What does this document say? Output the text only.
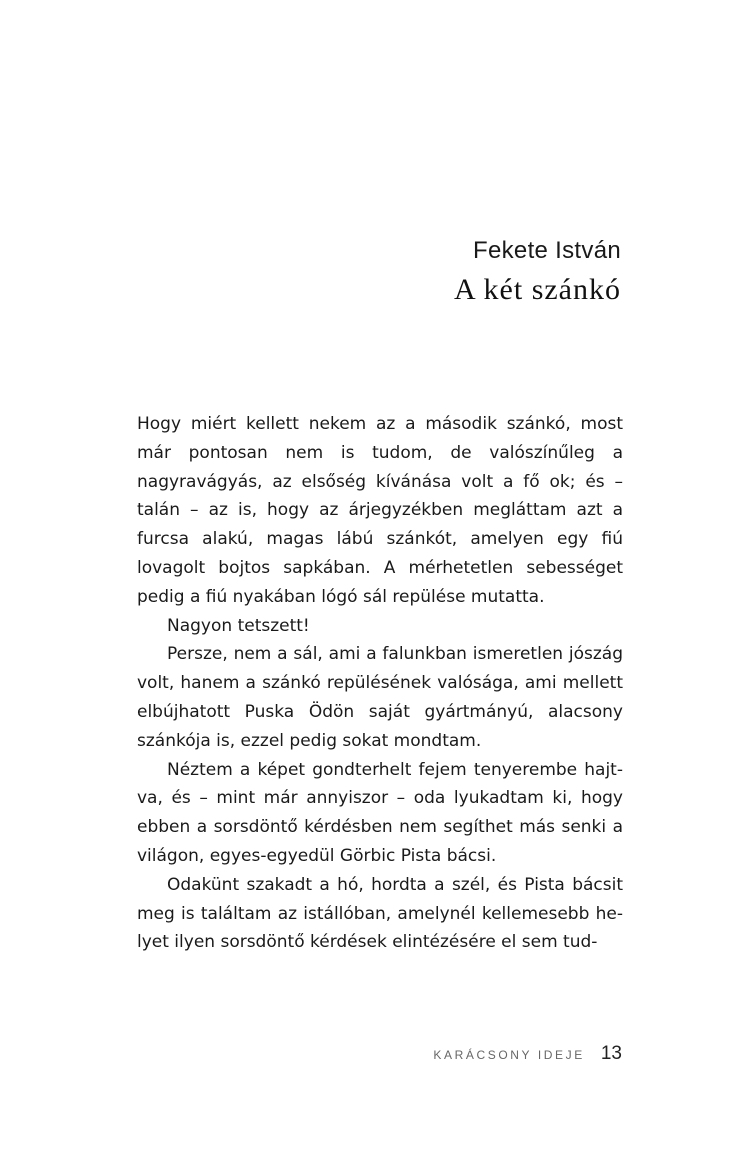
Fekete István
A két szánkó

Hogy miért kellett nekem az a második szánkó, most már pontosan nem is tudom, de valószínűleg a nagyravágyás, az elsőség kívánása volt a fő ok; és – talán – az is, hogy az árjegyzékben megláttam azt a furcsa alakú, magas lábú szánkót, amelyen egy fiú lovagolt bojtos sapkában. A mérhetetlen sebességet pedig a fiú nyakában lógó sál repülése mutatta.

Nagyon tetszett!

Persze, nem a sál, ami a falunkban ismeretlen jószág volt, hanem a szánkó repülésének valósága, ami mellett elbújhatott Puska Ödön saját gyártmányú, alacsony szánkója is, ezzel pedig sokat mondtam.

Néztem a képet gondterhelt fejem tenyerembe hajtva, és – mint már annyiszor – oda lyukadtam ki, hogy ebben a sorsdöntő kérdésben nem segíthet más senki a világon, egyes-egyedül Görbic Pista bácsi.

Odakünt szakadt a hó, hordta a szél, és Pista bácsit meg is találtam az istállóban, amelynél kellemesebb helyet ilyen sorsdöntő kérdések elintézésére el sem tud-

KARÁCSONY IDEJE 13
